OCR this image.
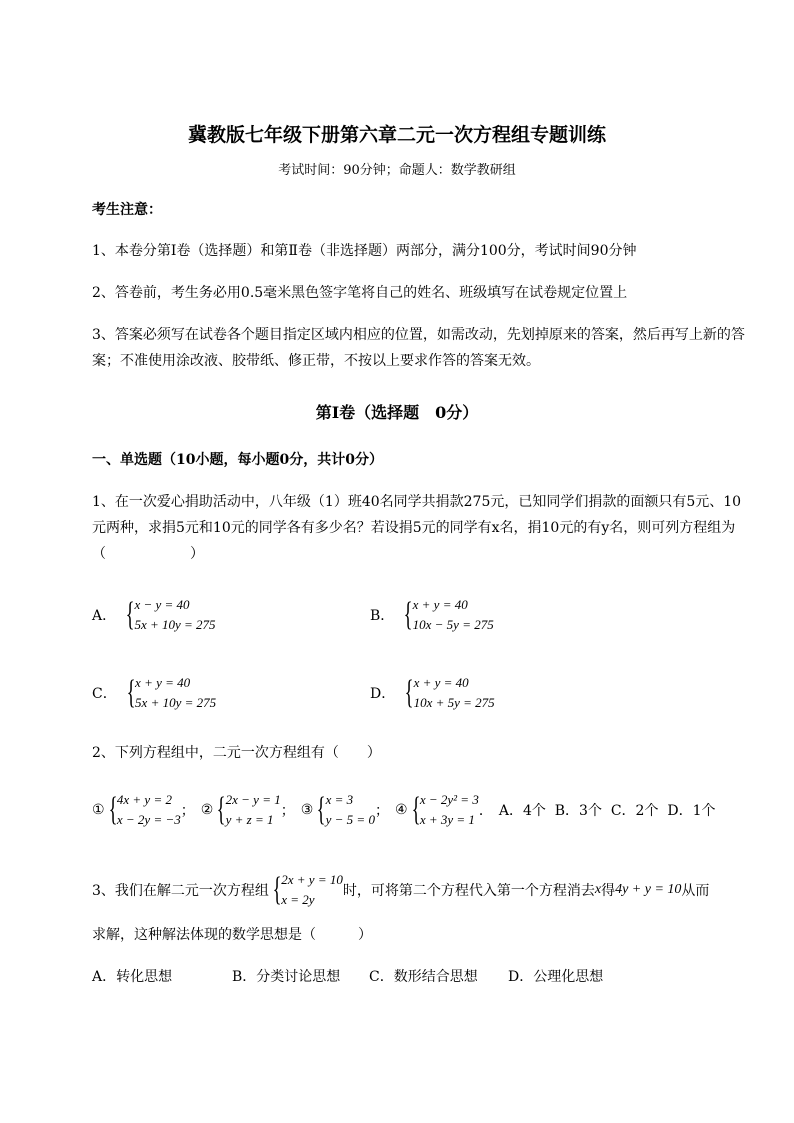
冀教版七年级下册第六章二元一次方程组专题训练
考试时间：90分钟；命题人：数学教研组
考生注意：
1、本卷分第I卷（选择题）和第Ⅱ卷（非选择题）两部分，满分100分，考试时间90分钟
2、答卷前，考生务必用0.5毫米黑色签字笔将自己的姓名、班级填写在试卷规定位置上
3、答案必须写在试卷各个题目指定区域内相应的位置，如需改动，先划掉原来的答案，然后再写上新的答案；不准使用涂改液、胶带纸、修正带，不按以上要求作答的答案无效。
第I卷（选择题　0分）
一、单选题（10小题，每小题0分，共计0分）
1、在一次爱心捐助活动中，八年级（1）班40名同学共捐款275元，已知同学们捐款的面额只有5元、10元两种，求捐5元和10元的同学各有多少名？若设捐5元的同学有x名，捐10元的有y名，则可列方程组为（　　　　　　）
A． { x − y = 40
5x + 10y = 275
B． { x + y = 40
10x − 5y = 275
C． { x + y = 40
5x + 10y = 275
D． { x + y = 40
10x + 5y = 275
2、下列方程组中，二元一次方程组有（　　）
① { 4x + y = 2
x − 2y = −3
； ② { 2x − y = 1
y + z = 1
； ③ { x = 3
y − 5 = 0
； ④ { x − 2y² = 3
x + 3y = 1
． A．4个  B．3个  C．2个  D．1个
3、我们在解二元一次方程组 { 2x + y = 10
x = 2y
时，可将第二个方程代入第一个方程消去 x 得 4y + y = 10 从而
求解，这种解法体现的数学思想是（　　　）
A．转化思想	B．分类讨论思想 C．数形结合思想 D．公理化思想
